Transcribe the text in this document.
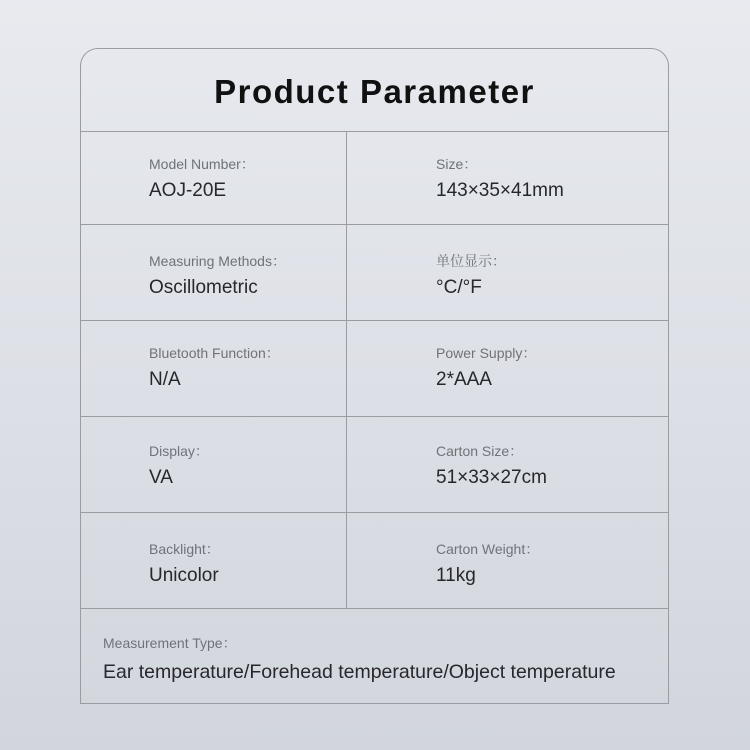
Product Parameter
Model Number：
AOJ-20E
Size：
143×35×41mm
Measuring Methods：
Oscillometric
单位显示：
°C/°F
Bluetooth Function：
N/A
Power Supply：
2*AAA
Display：
VA
Carton Size：
51×33×27cm
Backlight：
Unicolor
Carton Weight：
11kg
Measurement Type：
Ear temperature/Forehead temperature/Object temperature
